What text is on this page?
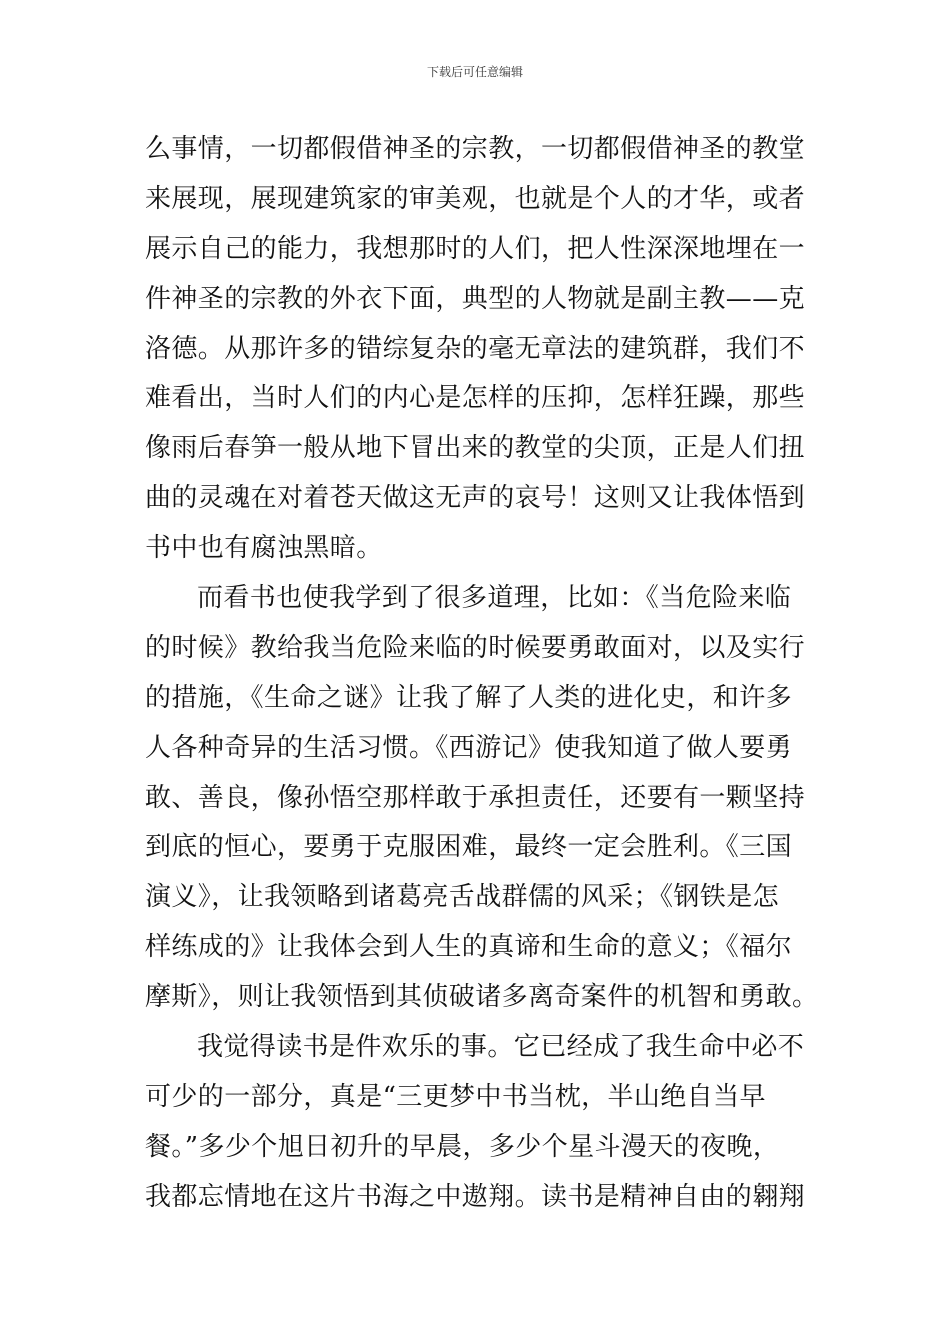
下载后可任意编辑
么事情，一切都假借神圣的宗教，一切都假借神圣的教堂
来展现，展现建筑家的审美观，也就是个人的才华，或者
展示自己的能力，我想那时的人们，把人性深深地埋在一
件神圣的宗教的外衣下面，典型的人物就是副主教——克
洛德。从那许多的错综复杂的毫无章法的建筑群，我们不
难看出，当时人们的内心是怎样的压抑，怎样狂躁，那些
像雨后春笋一般从地下冒出来的教堂的尖顶，正是人们扭
曲的灵魂在对着苍天做这无声的哀号！这则又让我体悟到
书中也有腐浊黑暗。
而看书也使我学到了很多道理，比如：《当危险来临
的时候》教给我当危险来临的时候要勇敢面对，以及实行
的措施，《生命之谜》让我了解了人类的进化史，和许多
人各种奇异的生活习惯。《西游记》使我知道了做人要勇
敢、善良，像孙悟空那样敢于承担责任，还要有一颗坚持
到底的恒心，要勇于克服困难，最终一定会胜利。《三国
演义》，让我领略到诸葛亮舌战群儒的风采；《钢铁是怎
样练成的》让我体会到人生的真谛和生命的意义；《福尔
摩斯》，则让我领悟到其侦破诸多离奇案件的机智和勇敢。
我觉得读书是件欢乐的事。它已经成了我生命中必不
可少的一部分，真是“三更梦中书当枕，半山绝自当早
餐。”多少个旭日初升的早晨，多少个星斗漫天的夜晚，
我都忘情地在这片书海之中遨翔。读书是精神自由的翱翔
